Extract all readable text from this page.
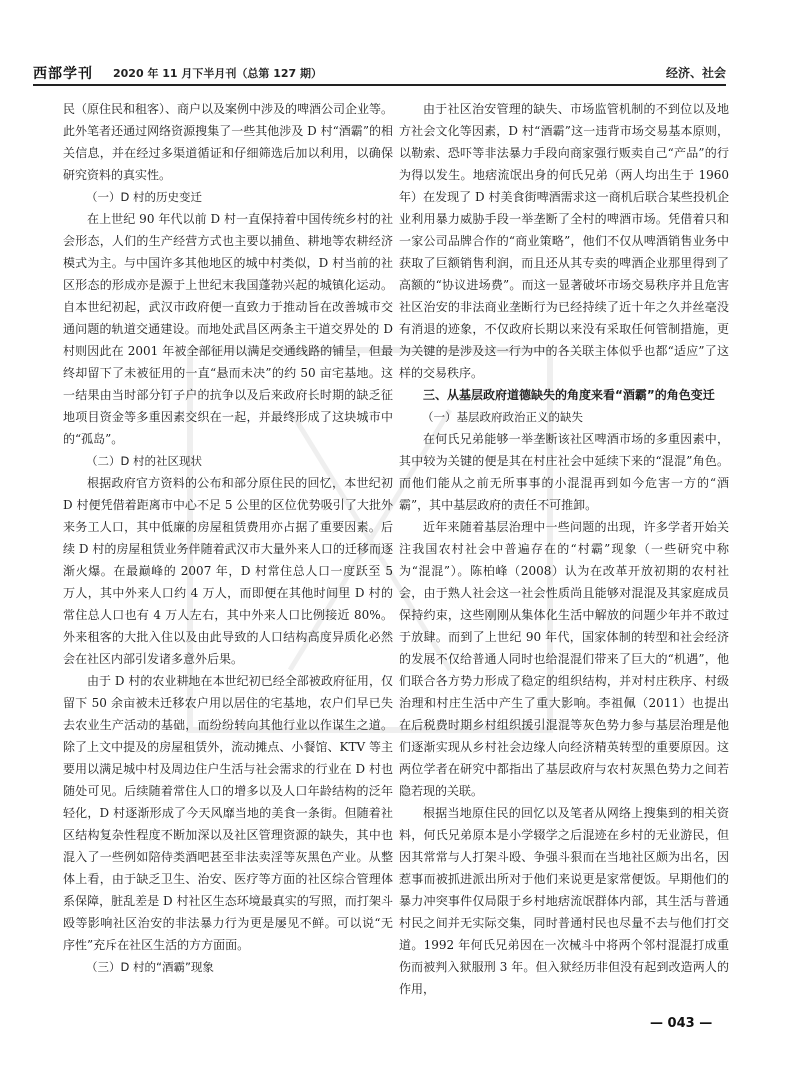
西部学刊 2020 年 11 月下半月刊（总第 127 期）	经济、社会

民（原住民和租客）、商户以及案例中涉及的啤酒公司企业等。此外笔者还通过网络资源搜集了一些其他涉及 D 村“酒霸”的相关信息，并在经过多渠道循证和仔细筛选后加以利用，以确保研究资料的真实性。

（一）D 村的历史变迁

在上世纪 90 年代以前 D 村一直保持着中国传统乡村的社会形态，人们的生产经营方式也主要以捕鱼、耕地等农耕经济模式为主。与中国许多其他地区的城中村类似，D 村当前的社区形态的形成亦是源于上世纪末我国蓬勃兴起的城镇化运动。自本世纪初起，武汉市政府便一直致力于推动旨在改善城市交通问题的轨道交通建设。而地处武昌区两条主干道交界处的 D 村则因此在 2001 年被全部征用以满足交通线路的铺呈，但最终却留下了未被征用的一直“悬而未决”的约 50 亩宅基地。这一结果由当时部分钉子户的抗争以及后来政府长时期的缺乏征地项目资金等多重因素交织在一起，并最终形成了这块城市中的“孤岛”。

（二）D 村的社区现状

根据政府官方资料的公布和部分原住民的回忆，本世纪初 D 村便凭借着距离市中心不足 5 公里的区位优势吸引了大批外来务工人口，其中低廉的房屋租赁费用亦占据了重要因素。后续 D 村的房屋租赁业务伴随着武汉市大量外来人口的迁移而逐渐火爆。在最巅峰的 2007 年，D 村常住总人口一度跃至 5 万人，其中外来人口约 4 万人，而即便在其他时间里 D 村的常住总人口也有 4 万人左右，其中外来人口比例接近 80%。外来租客的大批入住以及由此导致的人口结构高度异质化必然会在社区内部引发诸多意外后果。

由于 D 村的农业耕地在本世纪初已经全部被政府征用，仅留下 50 余亩被未迁移农户用以居住的宅基地，农户们早已失去农业生产活动的基础，而纷纷转向其他行业以作谋生之道。除了上文中提及的房屋租赁外，流动摊点、小餐馆、KTV 等主要用以满足城中村及周边住户生活与社会需求的行业在 D 村也随处可见。后续随着常住人口的增多以及人口年龄结构的泛年轻化，D 村逐渐形成了今天风靡当地的美食一条街。但随着社区结构复杂性程度不断加深以及社区管理资源的缺失，其中也混入了一些例如陪侍类酒吧甚至非法卖淫等灰黑色产业。从整体上看，由于缺乏卫生、治安、医疗等方面的社区综合管理体系保障，脏乱差是 D 村社区生态环境最真实的写照，而打架斗殴等影响社区治安的非法暴力行为更是屡见不鲜。可以说“无序性”充斥在社区生活的方方面面。

（三）D 村的“酒霸”现象

由于社区治安管理的缺失、市场监管机制的不到位以及地方社会文化等因素，D 村“酒霸”这一违背市场交易基本原则，以勒索、恐吓等非法暴力手段向商家强行贩卖自己“产品”的行为得以发生。地痞流氓出身的何氏兄弟（两人均出生于 1960 年）在发现了 D 村美食街啤酒需求这一商机后联合某些投机企业利用暴力威胁手段一举垄断了全村的啤酒市场。凭借着只和一家公司品牌合作的“商业策略”，他们不仅从啤酒销售业务中获取了巨额销售利润，而且还从其专卖的啤酒企业那里得到了高额的“协议进场费”。而这一显著破坏市场交易秩序并且危害社区治安的非法商业垄断行为已经持续了近十年之久并丝毫没有消退的迹象，不仅政府长期以来没有采取任何管制措施，更为关键的是涉及这一行为中的各关联主体似乎也都“适应”了这样的交易秩序。

三、从基层政府道德缺失的角度来看“酒霸”的角色变迁

（一）基层政府政治正义的缺失

在何氏兄弟能够一举垄断该社区啤酒市场的多重因素中，其中较为关键的便是其在村庄社会中延续下来的“混混”角色。而他们能从之前无所事事的小混混再到如今危害一方的“酒霸”，其中基层政府的责任不可推卸。

近年来随着基层治理中一些问题的出现，许多学者开始关注我国农村社会中普遍存在的“村霸”现象（一些研究中称为“混混”）。陈柏峰（2008）认为在改革开放初期的农村社会，由于熟人社会这一社会性质尚且能够对混混及其家庭成员保持约束，这些刚刚从集体化生活中解放的问题少年并不敢过于放肆。而到了上世纪 90 年代，国家体制的转型和社会经济的发展不仅给普通人同时也给混混们带来了巨大的“机遇”，他们联合各方势力形成了稳定的组织结构，并对村庄秩序、村级治理和村庄生活中产生了重大影响。李祖佩（2011）也提出在后税费时期乡村组织援引混混等灰色势力参与基层治理是他们逐渐实现从乡村社会边缘人向经济精英转型的重要原因。这两位学者在研究中都指出了基层政府与农村灰黑色势力之间若隐若现的关联。

根据当地原住民的回忆以及笔者从网络上搜集到的相关资料，何氏兄弟原本是小学辍学之后混迹在乡村的无业游民，但因其常常与人打架斗殴、争强斗狠而在当地社区颇为出名，因惹事而被抓进派出所对于他们来说更是家常便饭。早期他们的暴力冲突事件仅局限于乡村地痞流氓群体内部，其生活与普通村民之间并无实际交集，同时普通村民也尽量不去与他们打交道。1992 年何氏兄弟因在一次械斗中将两个邻村混混打成重伤而被判入狱服刑 3 年。但入狱经历非但没有起到改造两人的作用，

— 043 —
